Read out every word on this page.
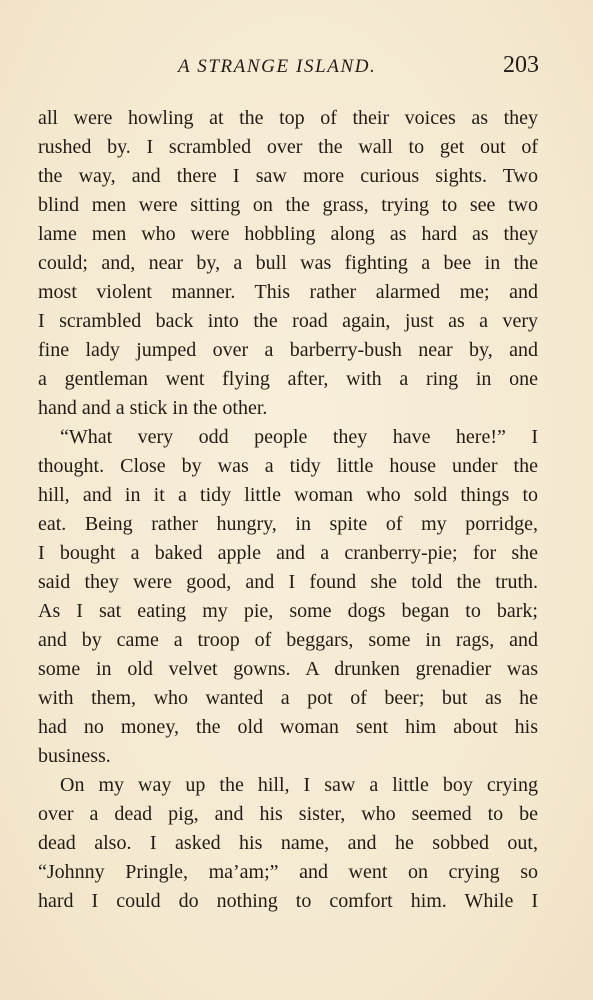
A STRANGE ISLAND.	203
all were howling at the top of their voices as they
rushed by. I scrambled over the wall to get out of
the way, and there I saw more curious sights. Two
blind men were sitting on the grass, trying to see two
lame men who were hobbling along as hard as they
could; and, near by, a bull was fighting a bee in the
most violent manner. This rather alarmed me; and
I scrambled back into the road again, just as a very
fine lady jumped over a barberry-bush near by, and
a gentleman went flying after, with a ring in one
hand and a stick in the other.
“What very odd people they have here!” I
thought. Close by was a tidy little house under the
hill, and in it a tidy little woman who sold things to
eat. Being rather hungry, in spite of my porridge,
I bought a baked apple and a cranberry-pie; for she
said they were good, and I found she told the truth.
As I sat eating my pie, some dogs began to bark;
and by came a troop of beggars, some in rags, and
some in old velvet gowns. A drunken grenadier was
with them, who wanted a pot of beer; but as he
had no money, the old woman sent him about his
business.
On my way up the hill, I saw a little boy crying
over a dead pig, and his sister, who seemed to be
dead also. I asked his name, and he sobbed out,
“Johnny Pringle, ma’am;” and went on crying so
hard I could do nothing to comfort him. While I
